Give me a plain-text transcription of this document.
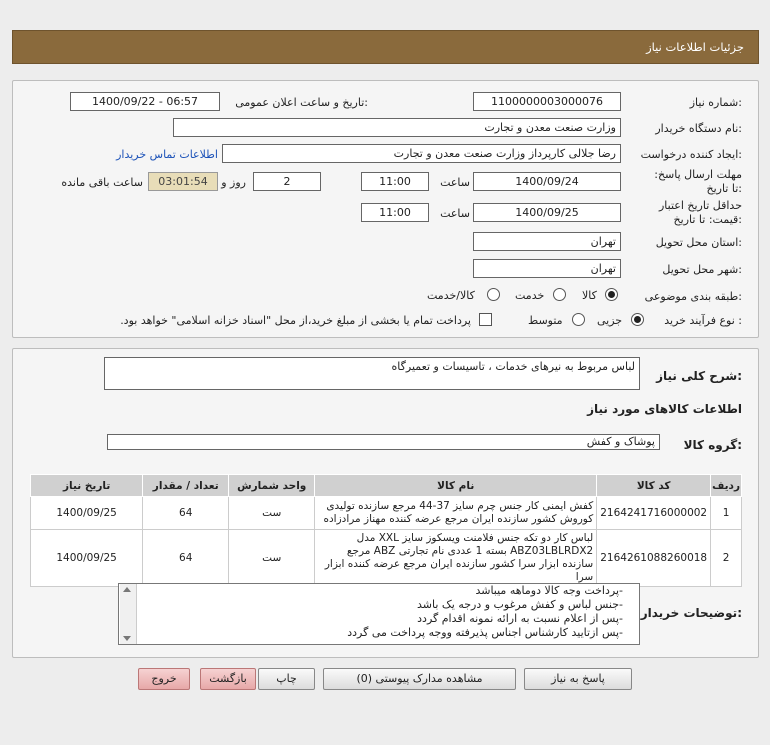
جزئیات اطلاعات نیاز
شماره نیاز:
1100000003000076
تاریخ و ساعت اعلان عمومی:
1400/09/22 - 06:57
نام دستگاه خریدار:
وزارت صنعت معدن و تجارت
ایجاد کننده درخواست:
رضا جلالی کارپرداز وزارت صنعت معدن و تجارت
اطلاعات تماس خریدار
مهلت ارسال پاسخ: تا تاریخ:
1400/09/24
ساعت
11:00
2
روز و
03:01:54
ساعت باقی مانده
حداقل تاریخ اعتبار قیمت: تا تاریخ:
1400/09/25
ساعت
11:00
استان محل تحویل:
تهران
شهر محل تحویل:
تهران
طبقه بندی موضوعی:
کالا
خدمت
کالا/خدمت
نوع فرآیند خرید :
جزیی
متوسط
پرداخت تمام یا بخشی از مبلغ خرید،از محل "اسناد خزانه اسلامی" خواهد بود.
شرح کلی نیاز:
لباس مربوط به نیرهای خدمات ، تاسیسات و تعمیرگاه
اطلاعات کالاهای مورد نیاز
گروه کالا:
پوشاک و کفش
ردیف	کد کالا	نام کالا	واحد شمارش	تعداد / مقدار	تاریخ نیاز
1	2164241716000002	کفش ایمنی کار جنس چرم سایز 37-44 مرجع سازنده تولیدی کوروش کشور سازنده ایران مرجع عرضه کننده مهناز مرادزاده	ست	64	1400/09/25
2	2164261088260018	لباس کار دو تکه جنس فلامنت ویسکوز سایز XXL مدل ABZ03LBLRDX2 بسته 1 عددی نام تجارتی ABZ مرجع سازنده ابزار سرا کشور سازنده ایران مرجع عرضه کننده ابزار سرا	ست	64	1400/09/25
توضیحات خریدار:
-پرداخت وجه کالا دوماهه میباشد
-جنس لباس و کفش مرغوب و درجه یک باشد
-پس از اعلام نسبت به ارائه نمونه اقدام گردد
-پس ازتایید کارشناس اجناس پذیرفته ووجه پرداخت می گردد
پاسخ به نیاز
مشاهده مدارک پیوستی (0)
چاپ
بازگشت
خروج
